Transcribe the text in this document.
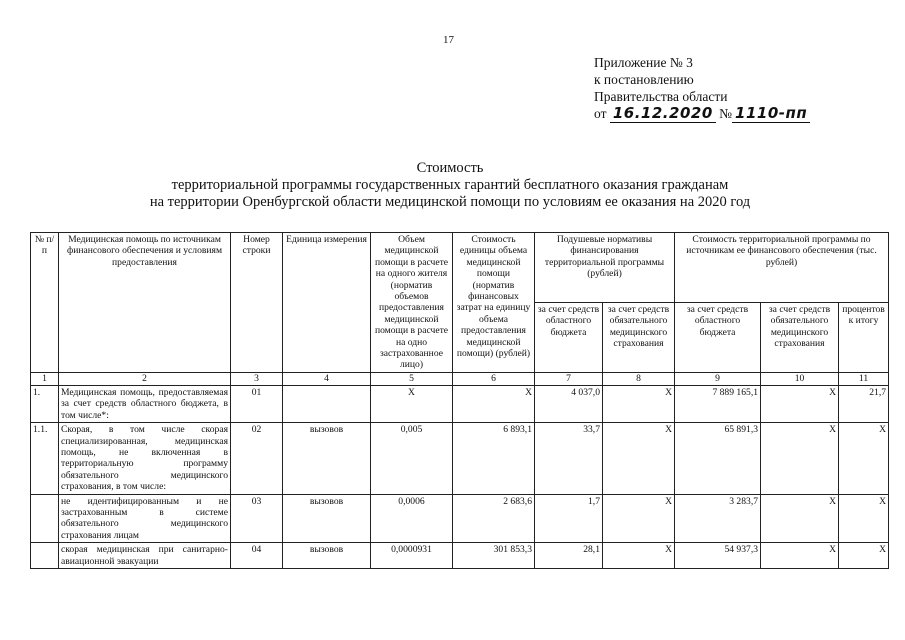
17
Приложение № 3
к постановлению
Правительства области
от 16.12.2020 № 1110-пп
Стоимость
территориальной программы государственных гарантий бесплатного оказания гражданам
на территории Оренбургской области медицинской помощи по условиям ее оказания на 2020 год
№ п/п	Медицинская помощь по источникам финансового обеспечения и условиям предоставления	Номер строки	Единица измерения	Объем медицинской помощи в расчете на одного жителя (норматив объемов предоставления медицинской помощи в расчете на одно застрахованное лицо)	Стоимость единицы объема медицинской помощи (норматив финансовых затрат на единицу объема предоставления медицинской помощи) (рублей)	Подушевые нормативы финансирования территориальной программы (рублей)		Стоимость территориальной программы по источникам ее финансового обеспечения (тыс. рублей)		
						за счет средств областного бюджета	за счет средств обязательного медицинского страхования	за счет средств областного бюджета	за счет средств обязательного медицинского страхования	процентов к итогу
1	2	3	4	5	6	7	8	9	10	11
1.	Медицинская помощь, предоставляемая за счет средств областного бюджета, в том числе*:	01		X	X	4 037,0	X	7 889 165,1	X	21,7
1.1.	Скорая, в том числе скорая специализированная, медицинская помощь, не включенная в территориальную программу обязательного медицинского страхования, в том числе:	02	вызовов	0,005	6 893,1	33,7	X	65 891,3	X	X
	не идентифицированным и не застрахованным в системе обязательного медицинского страхования лицам	03	вызовов	0,0006	2 683,6	1,7	X	3 283,7	X	X
	скорая медицинская при санитарно-авиационной эвакуации	04	вызовов	0,0000931	301 853,3	28,1	X	54 937,3	X	X
